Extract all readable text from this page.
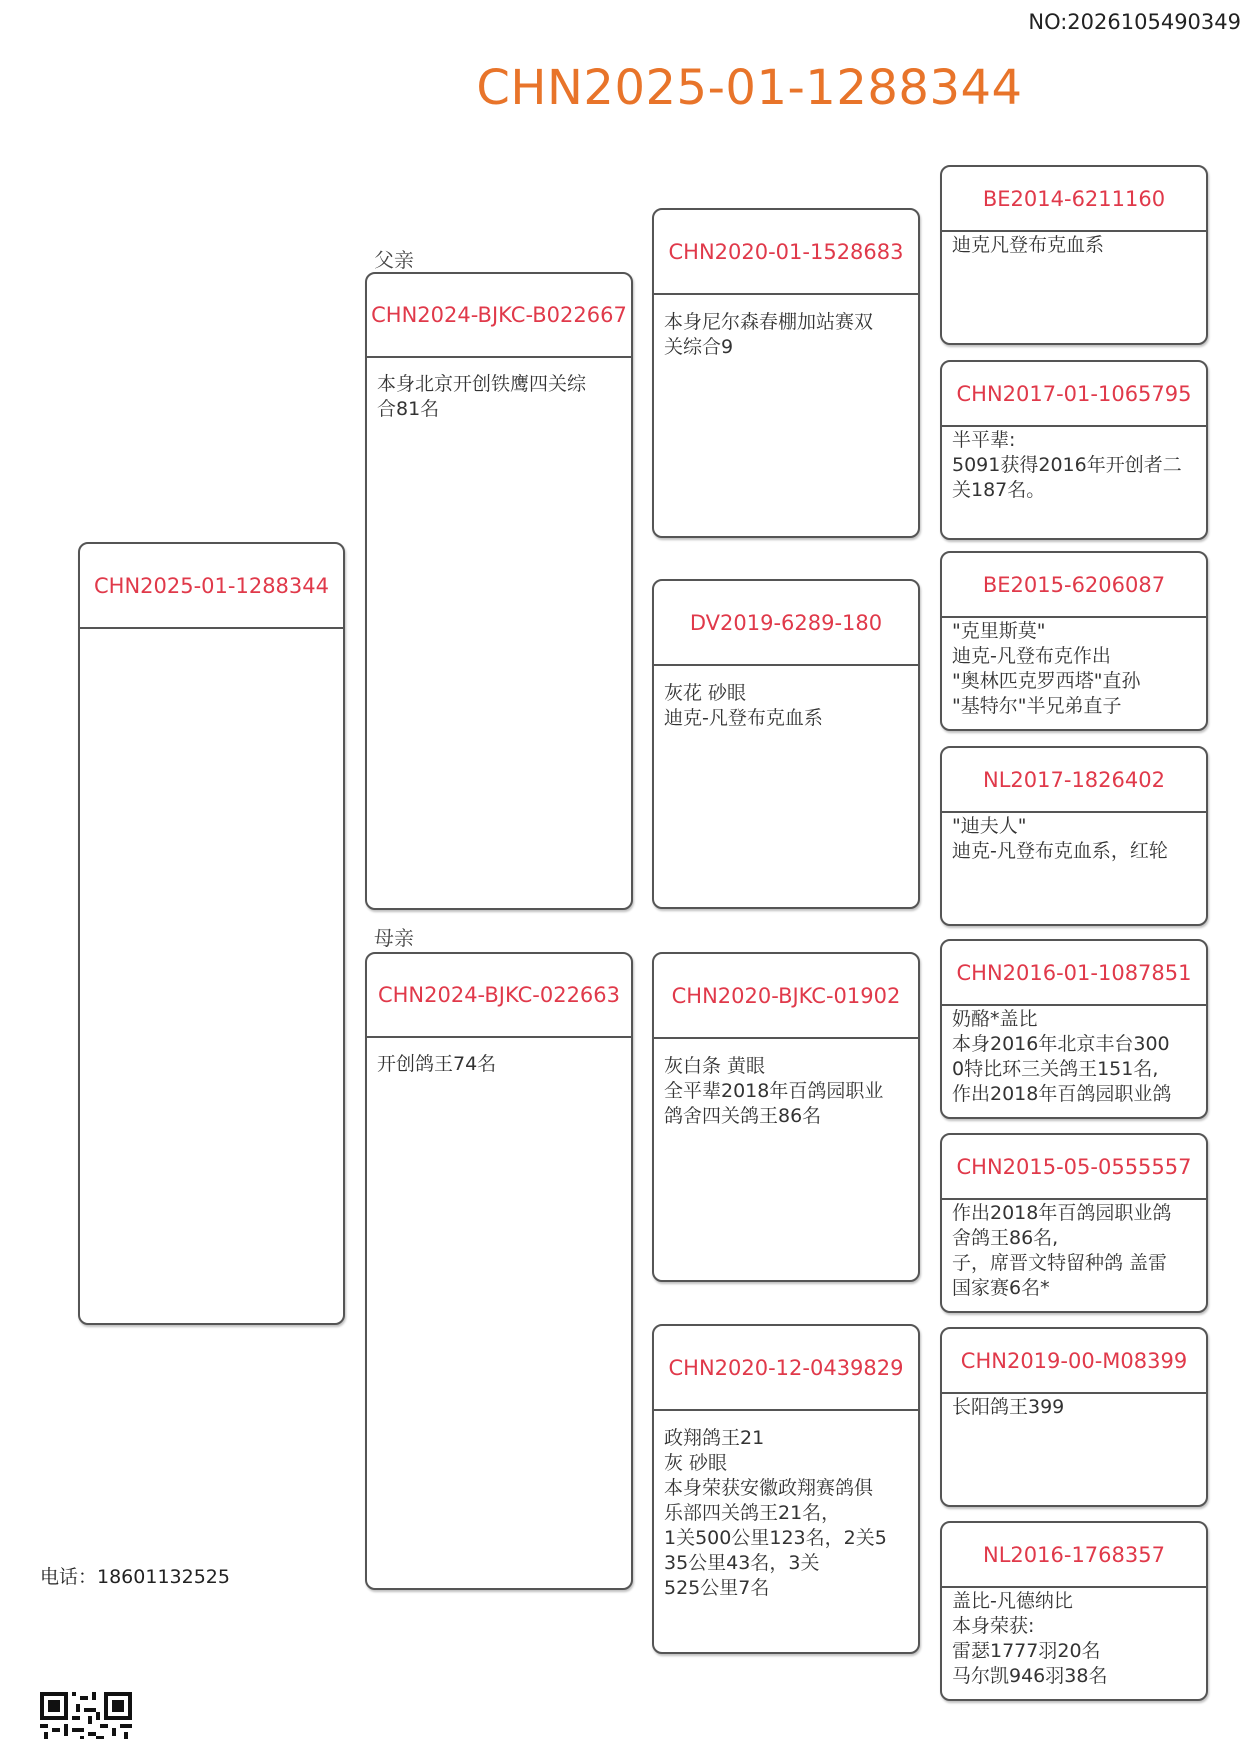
NO:2026105490349
CHN2025-01-1288344
CHN2025-01-1288344
父亲
CHN2024-BJKC-B022667
本身北京开创铁鹰四关综
合81名
母亲
CHN2024-BJKC-022663
开创鸽王74名
CHN2020-01-1528683
本身尼尔森春棚加站赛双
关综合9
DV2019-6289-180
灰花 砂眼
迪克-凡登布克血系
CHN2020-BJKC-01902
灰白条 黄眼
全平辈2018年百鸽园职业
鸽舍四关鸽王86名
CHN2020-12-0439829
政翔鸽王21
灰 砂眼
本身荣获安徽政翔赛鸽俱
乐部四关鸽王21名，
1关500公里123名，2关5
35公里43名，3关
525公里7名
BE2014-6211160
迪克凡登布克血系
CHN2017-01-1065795
半平辈:
5091获得2016年开创者二
关187名。
BE2015-6206087
"克里斯莫"
迪克-凡登布克作出
"奥林匹克罗西塔"直孙
"基特尔"半兄弟直子
NL2017-1826402
"迪夫人"
迪克-凡登布克血系，红轮
CHN2016-01-1087851
奶酪*盖比
本身2016年北京丰台300
0特比环三关鸽王151名,
作出2018年百鸽园职业鸽
CHN2015-05-0555557
作出2018年百鸽园职业鸽
舍鸽王86名,
子，席晋文特留种鸽 盖雷
国家赛6名*
CHN2019-00-M08399
长阳鸽王399
NL2016-1768357
盖比-凡德纳比
本身荣获:
雷瑟1777羽20名
马尔凯946羽38名
电话：18601132525
